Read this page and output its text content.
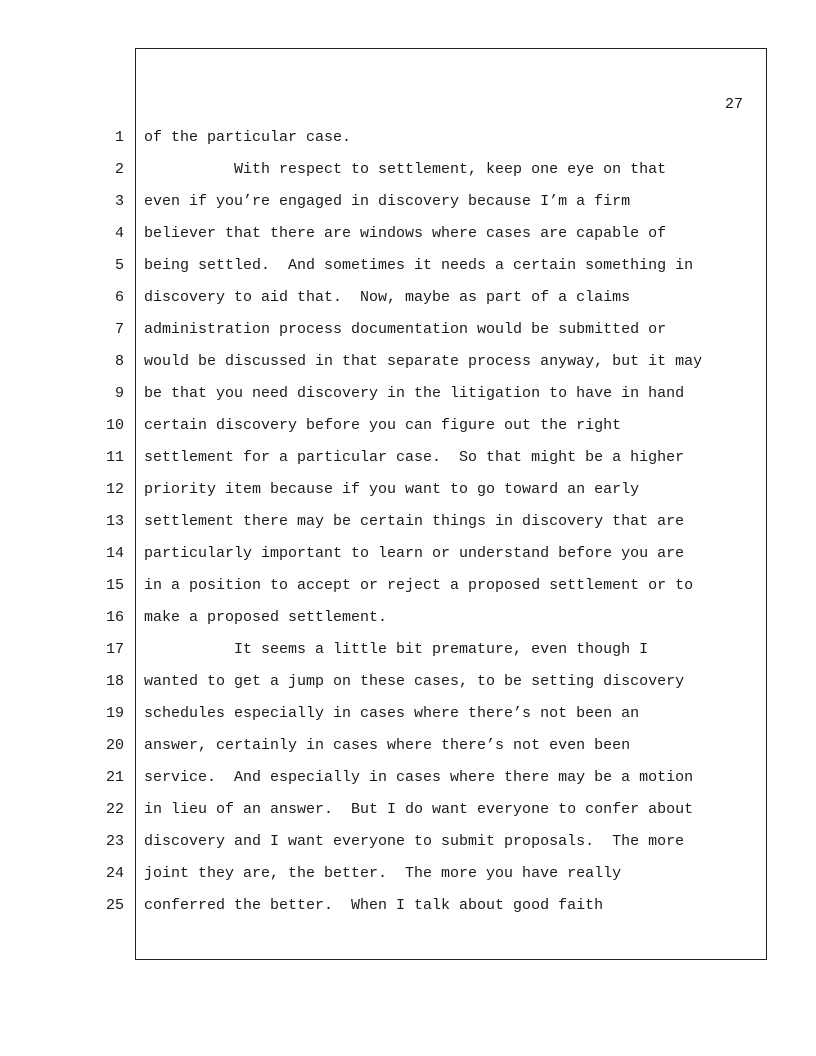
27
1 of the particular case.
2 With respect to settlement, keep one eye on that
3 even if you’re engaged in discovery because I’m a firm
4 believer that there are windows where cases are capable of
5 being settled.  And sometimes it needs a certain something in
6 discovery to aid that.  Now, maybe as part of a claims
7 administration process documentation would be submitted or
8 would be discussed in that separate process anyway, but it may
9 be that you need discovery in the litigation to have in hand
10 certain discovery before you can figure out the right
11 settlement for a particular case.  So that might be a higher
12 priority item because if you want to go toward an early
13 settlement there may be certain things in discovery that are
14 particularly important to learn or understand before you are
15 in a position to accept or reject a proposed settlement or to
16 make a proposed settlement.
17 It seems a little bit premature, even though I
18 wanted to get a jump on these cases, to be setting discovery
19 schedules especially in cases where there’s not been an
20 answer, certainly in cases where there’s not even been
21 service.  And especially in cases where there may be a motion
22 in lieu of an answer.  But I do want everyone to confer about
23 discovery and I want everyone to submit proposals.  The more
24 joint they are, the better.  The more you have really
25 conferred the better.  When I talk about good faith
